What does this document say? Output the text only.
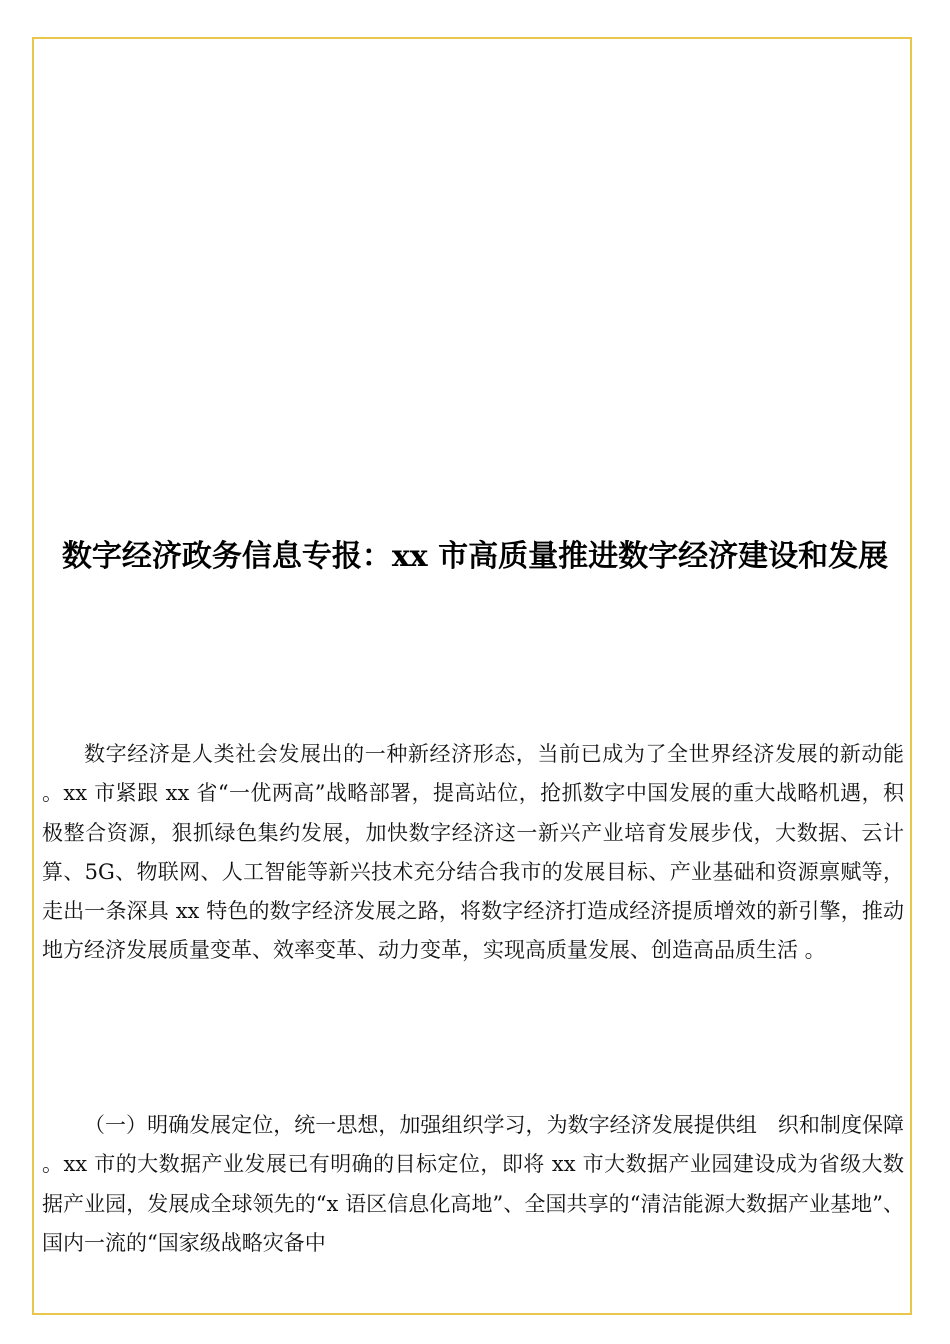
数字经济政务信息专报：xx 市高质量推进数字经济建设和发展

数字经济是人类社会发展出的一种新经济形态，当前已成为了全世界经济发展的新动能 。xx 市紧跟 xx 省“一优两高”战略部署，提高站位，抢抓数字中国发展的重大战略机遇，积极整合资源，狠抓绿色集约发展，加快数字经济这一新兴产业培育发展步伐，大数据、云计算、5G、物联网、人工智能等新兴技术充分结合我市的发展目标、产业基础和资源禀赋等，走出一条深具 xx 特色的数字经济发展之路，将数字经济打造成经济提质增效的新引擎，推动地方经济发展质量变革、效率变革、动力变革，实现高质量发展、创造高品质生活 。

（一）明确发展定位，统一思想，加强组织学习，为数字经济发展提供组　织和制度保障 。xx 市的大数据产业发展已有明确的目标定位，即将 xx 市大数据产业园建设成为省级大数据产业园，发展成全球领先的“x 语区信息化高地”、全国共享的“清洁能源大数据产业基地”、国内一流的“国家级战略灾备中
